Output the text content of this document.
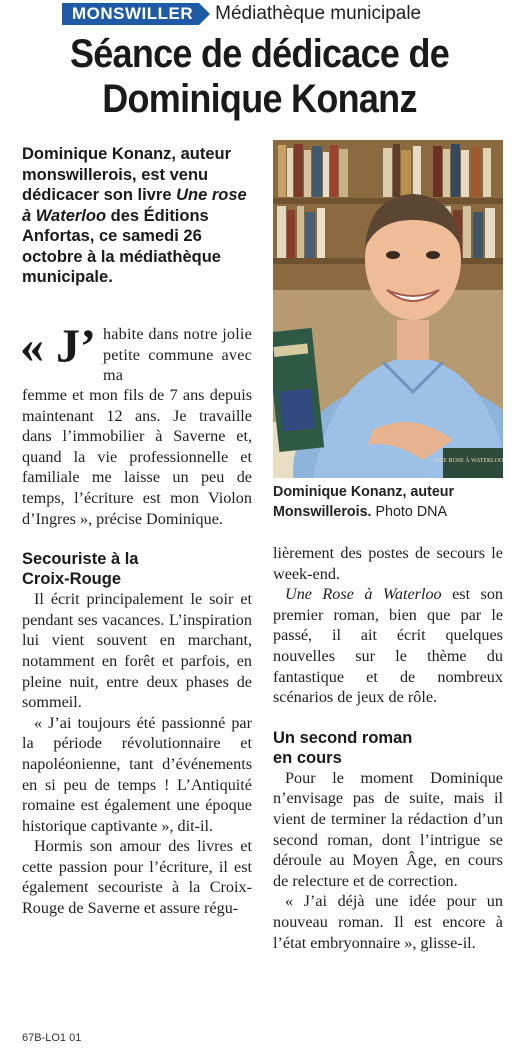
MONSWILLER	Médiathèque municipale
Séance de dédicace de
Dominique Konanz
Dominique Konanz, auteur monswillerois, est venu dédicacer son livre Une rose à Waterloo des Éditions Anfortas, ce samedi 26 octobre à la médiathèque municipale.
« J’ habite dans notre jolie petite commune avec ma

femme et mon fils de 7 ans depuis maintenant 12 ans. Je travaille dans l’immobilier à Saverne et, quand la vie professionnelle et familiale me laisse un peu de temps, l’écriture est mon Violon d’Ingres », précise Dominique.

Secouriste à la Croix-Rouge

Il écrit principalement le soir et pendant ses vacances. L’inspiration lui vient souvent en marchant, notamment en forêt et parfois, en pleine nuit, entre deux phases de sommeil.

« J’ai toujours été passionné par la période révolutionnaire et napoléonienne, tant d’événements en si peu de temps ! L’Antiquité romaine est également une époque historique captivante », dit-il.

Hormis son amour des livres et cette passion pour l’écriture, il est également secouriste à la Croix-Rouge de Saverne et assure régu-

UNE ROSE À WATERLOO
Dominique Konanz, auteur Monswillerois. Photo DNA

lièrement des postes de secours le week-end.

Une Rose à Waterloo est son premier roman, bien que par le passé, il ait écrit quelques nouvelles sur le thème du fantastique et de nombreux scénarios de jeux de rôle.

Un second roman en cours

Pour le moment Dominique n’envisage pas de suite, mais il vient de terminer la rédaction d’un second roman, dont l’intrigue se déroule au Moyen Âge, en cours de relecture et de correction.

« J’ai déjà une idée pour un nouveau roman. Il est encore à l’état embryonnaire », glisse-il.

67B-LO1 01
